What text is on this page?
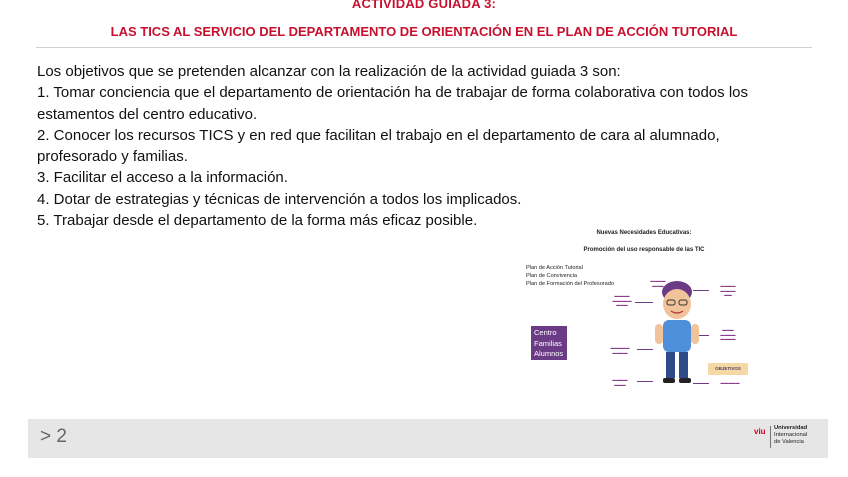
ACTIVIDAD GUIADA 3:
LAS TICS AL SERVICIO DEL DEPARTAMENTO DE ORIENTACIÓN EN EL PLAN DE ACCIÓN TUTORIAL
Los objetivos que se pretenden alcanzar con la realización de la actividad guiada 3 son:
1. Tomar conciencia que el departamento de orientación ha de trabajar de forma colaborativa con todos los
estamentos del centro educativo.
2. Conocer los recursos TICS y en red que facilitan el trabajo en el departamento de cara al alumnado,
profesorado y familias.
3. Facilitar el acceso a la información.
4. Dotar de estrategias y técnicas de intervención a todos los implicados.
5. Trabajar desde el departamento de la forma más eficaz posible.
Nuevas Necesidades Educativas:
Promoción del uso responsable de las TIC
Plan de Acción Tutorial
Plan de Convivencia
Plan de Formación del Profesorado
Centro
Familias
Alumnos
▬▬▬▬
▬▬▬
▬▬▬▬
▬▬▬▬▬
▬▬▬
▬▬▬▬
▬▬▬▬
▬▬
▬▬▬
▬▬▬▬
▬▬▬▬
▬▬▬▬▬
▬▬▬▬
▬▬▬▬
▬▬▬	▬▬▬▬▬
OBJETIVOS
> 2	viu Universidad
Internacional
de Valencia
